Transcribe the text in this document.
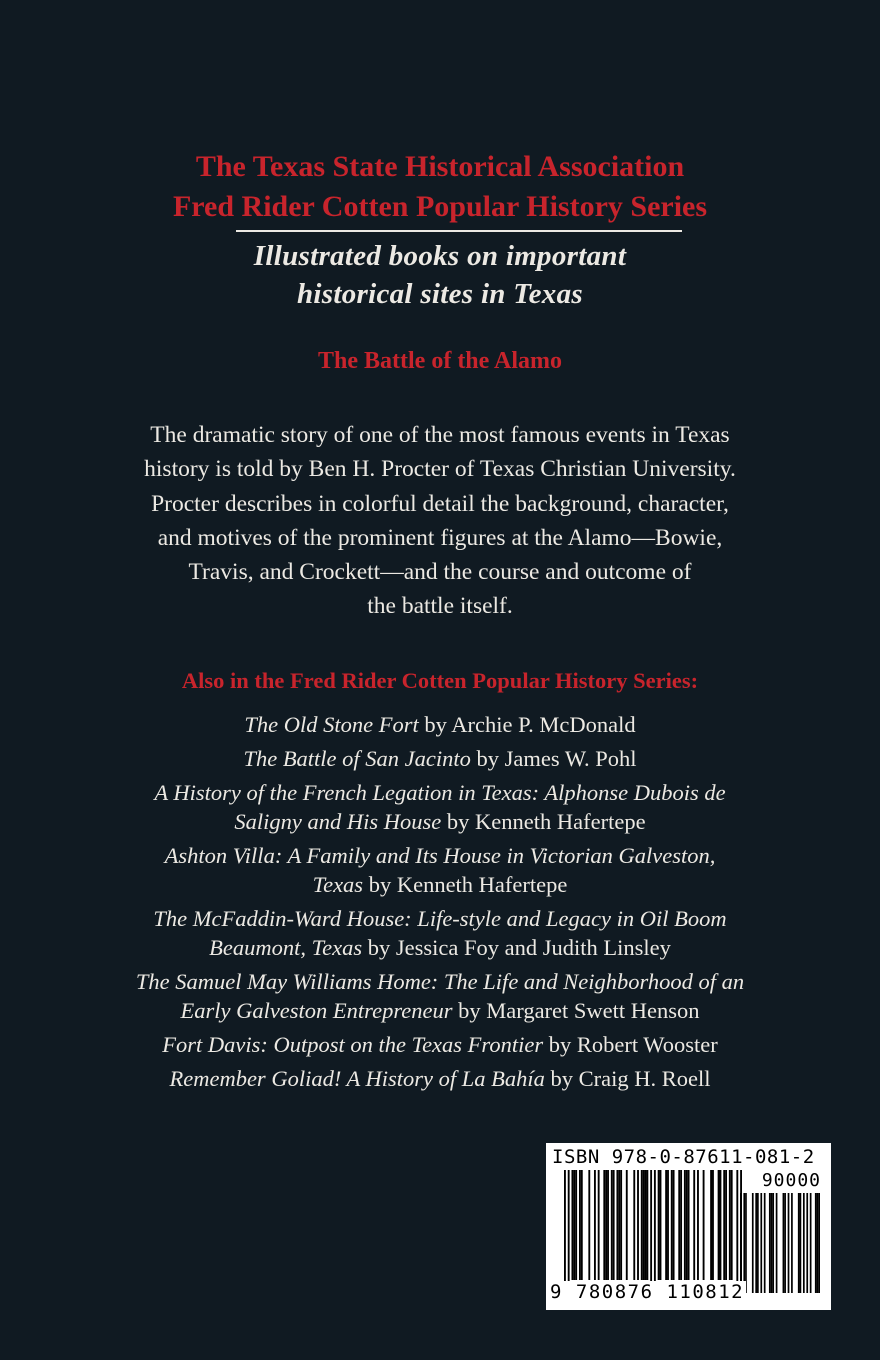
The Texas State Historical Association
Fred Rider Cotten Popular History Series
Illustrated books on important
historical sites in Texas
The Battle of the Alamo
The dramatic story of one of the most famous events in Texas
history is told by Ben H. Procter of Texas Christian University.
Procter describes in colorful detail the background, character,
and motives of the prominent figures at the Alamo—Bowie,
Travis, and Crockett—and the course and outcome of
the battle itself.
Also in the Fred Rider Cotten Popular History Series:
The Old Stone Fort by Archie P. McDonald
The Battle of San Jacinto by James W. Pohl
A History of the French Legation in Texas: Alphonse Dubois de
Saligny and His House by Kenneth Hafertepe
Ashton Villa: A Family and Its House in Victorian Galveston,
Texas by Kenneth Hafertepe
The McFaddin-Ward House: Life-style and Legacy in Oil Boom
Beaumont, Texas by Jessica Foy and Judith Linsley
The Samuel May Williams Home: The Life and Neighborhood of an
Early Galveston Entrepreneur by Margaret Swett Henson
Fort Davis: Outpost on the Texas Frontier by Robert Wooster
Remember Goliad! A History of La Bahía by Craig H. Roell
ISBN 978-0-87611-081-2
90000
9 780876 110812
